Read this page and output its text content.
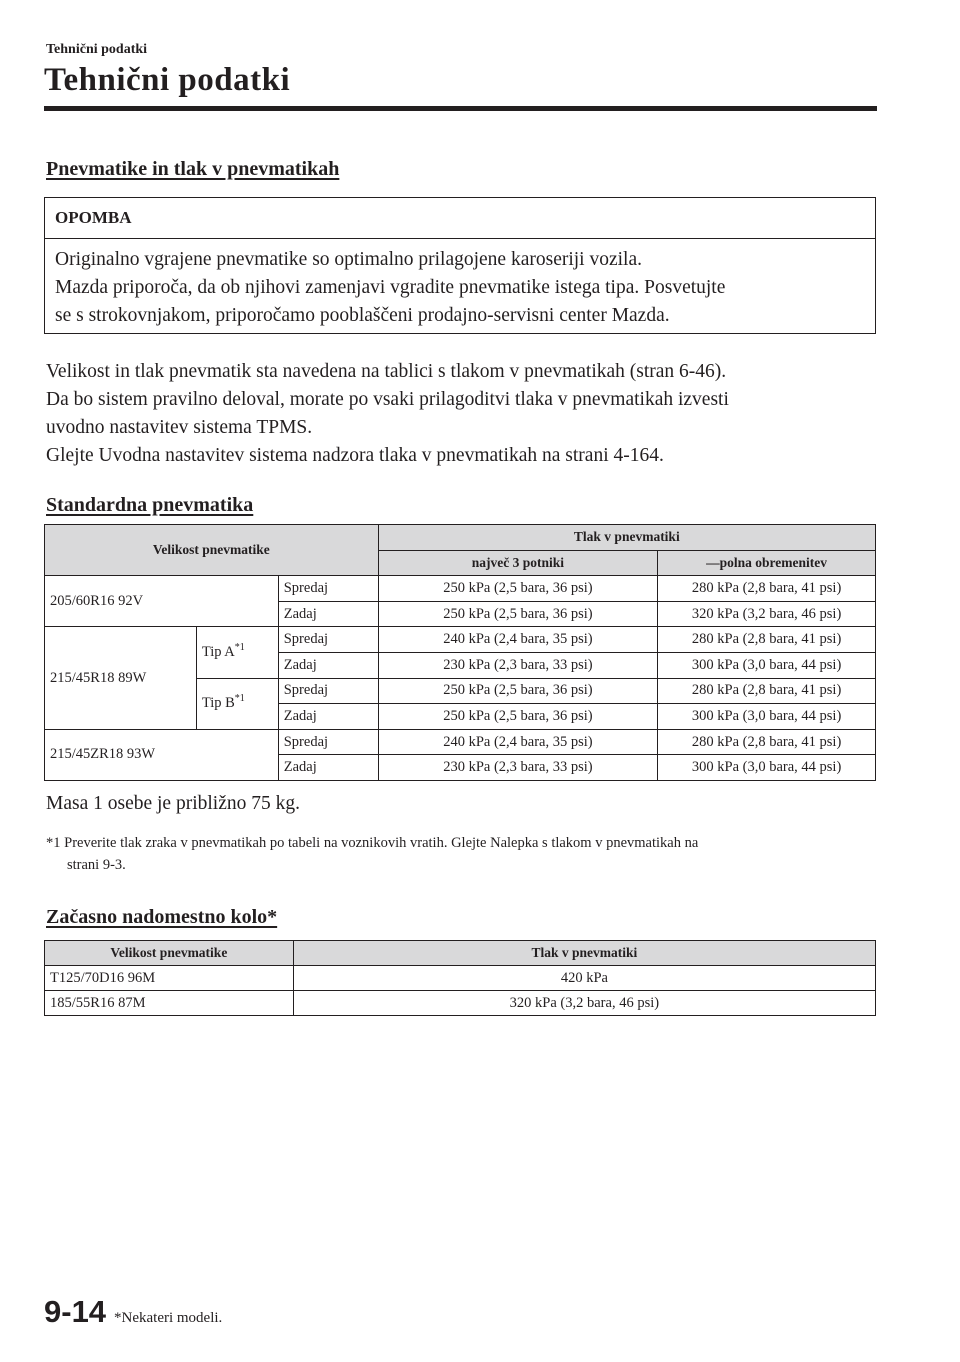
Tehnični podatki
Tehnični podatki
Pnevmatike in tlak v pnevmatikah
OPOMBA
Originalno vgrajene pnevmatike so optimalno prilagojene karoseriji vozila.
Mazda priporoča, da ob njihovi zamenjavi vgradite pnevmatike istega tipa. Posvetujte
se s strokovnjakom, priporočamo pooblaščeni prodajno-servisni center Mazda.
Velikost in tlak pnevmatik sta navedena na tablici s tlakom v pnevmatikah (stran 6-46).
Da bo sistem pravilno deloval, morate po vsaki prilagoditvi tlaka v pnevmatikah izvesti
uvodno nastavitev sistema TPMS.
Glejte Uvodna nastavitev sistema nadzora tlaka v pnevmatikah na strani 4-164.
Standardna pnevmatika
Velikost pnevmatike			Tlak v pnevmatiki	
			največ 3 potniki	—polna obremenitev
205/60R16 92V		Spredaj	250 kPa (2,5 bara, 36 psi)	280 kPa (2,8 bara, 41 psi)
		Zadaj	250 kPa (2,5 bara, 36 psi)	320 kPa (3,2 bara, 46 psi)
215/45R18 89W	Tip $A^{*1}$	Spredaj	240 kPa (2,4 bara, 35 psi)	280 kPa (2,8 bara, 41 psi)
		Zadaj	230 kPa (2,3 bara, 33 psi)	300 kPa (3,0 bara, 44 psi)
	Tip $B^{*1}$	Spredaj	250 kPa (2,5 bara, 36 psi)	280 kPa (2,8 bara, 41 psi)
		Zadaj	250 kPa (2,5 bara, 36 psi)	300 kPa (3,0 bara, 44 psi)
215/45ZR18 93W		Spredaj	240 kPa (2,4 bara, 35 psi)	280 kPa (2,8 bara, 41 psi)
		Zadaj	230 kPa (2,3 bara, 33 psi)	300 kPa (3,0 bara, 44 psi)
Masa 1 osebe je približno 75 kg.
*1 Preverite tlak zraka v pnevmatikah po tabeli na voznikovih vratih. Glejte Nalepka s tlakom v pnevmatikah na
strani 9-3.
Začasno nadomestno kolo*
Velikost pnevmatike	Tlak v pnevmatiki
T125/70D16 96M	420 kPa
185/55R16 87M	320 kPa (3,2 bara, 46 psi)
9-14 *Nekateri modeli.
